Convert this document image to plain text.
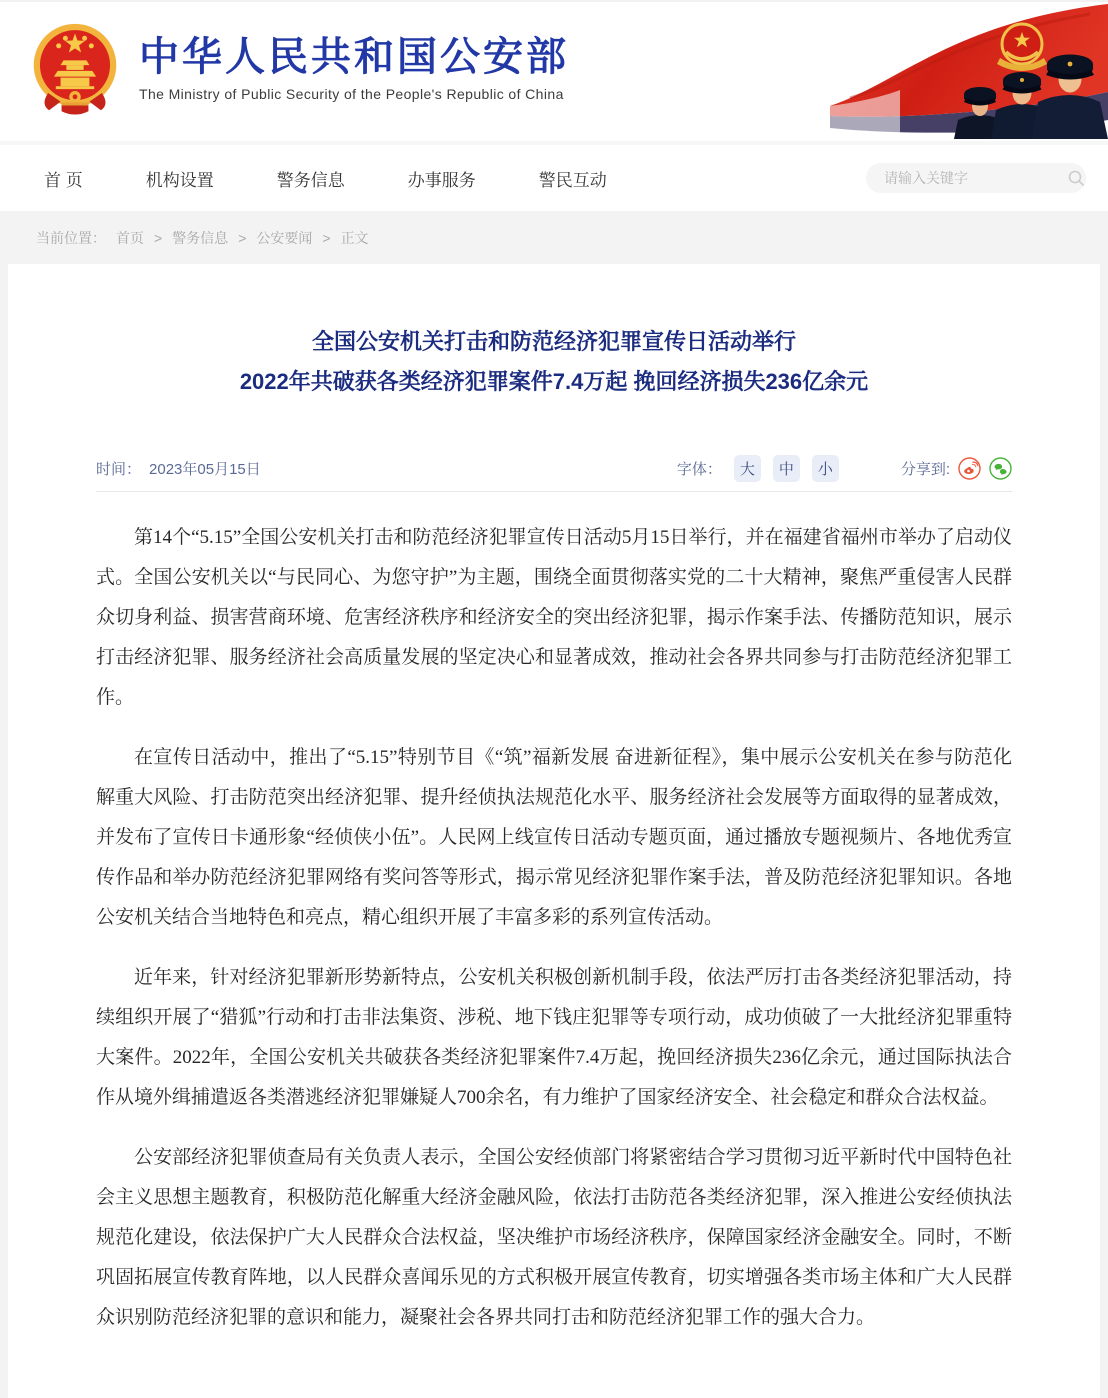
中华人民共和国公安部
The Ministry of Public Security of the People's Republic of China
首 页	机构设置	警务信息	办事服务	警民互动
请输入关键字
当前位置： 首页 > 警务信息 > 公安要闻 > 正文
全国公安机关打击和防范经济犯罪宣传日活动举行
2022年共破获各类经济犯罪案件7.4万起 挽回经济损失236亿余元
时间： 2023年05月15日	字体：	大	中	小	分享到:

第14个“5.15”全国公安机关打击和防范经济犯罪宣传日活动5月15日举行，并在福建省福州市举办了启动仪式。全国公安机关以“与民同心、为您守护”为主题，围绕全面贯彻落实党的二十大精神，聚焦严重侵害人民群众切身利益、损害营商环境、危害经济秩序和经济安全的突出经济犯罪，揭示作案手法、传播防范知识，展示打击经济犯罪、服务经济社会高质量发展的坚定决心和显著成效，推动社会各界共同参与打击防范经济犯罪工作。

在宣传日活动中，推出了“5.15”特别节目《“筑”福新发展 奋进新征程》，集中展示公安机关在参与防范化解重大风险、打击防范突出经济犯罪、提升经侦执法规范化水平、服务经济社会发展等方面取得的显著成效，并发布了宣传日卡通形象“经侦侠小伍”。人民网上线宣传日活动专题页面，通过播放专题视频片、各地优秀宣传作品和举办防范经济犯罪网络有奖问答等形式，揭示常见经济犯罪作案手法，普及防范经济犯罪知识。各地公安机关结合当地特色和亮点，精心组织开展了丰富多彩的系列宣传活动。

近年来，针对经济犯罪新形势新特点，公安机关积极创新机制手段，依法严厉打击各类经济犯罪活动，持续组织开展了“猎狐”行动和打击非法集资、涉税、地下钱庄犯罪等专项行动，成功侦破了一大批经济犯罪重特大案件。2022年，全国公安机关共破获各类经济犯罪案件7.4万起，挽回经济损失236亿余元，通过国际执法合作从境外缉捕遣返各类潜逃经济犯罪嫌疑人700余名，有力维护了国家经济安全、社会稳定和群众合法权益。

公安部经济犯罪侦查局有关负责人表示，全国公安经侦部门将紧密结合学习贯彻习近平新时代中国特色社会主义思想主题教育，积极防范化解重大经济金融风险，依法打击防范各类经济犯罪，深入推进公安经侦执法规范化建设，依法保护广大人民群众合法权益，坚决维护市场经济秩序，保障国家经济金融安全。同时，不断巩固拓展宣传教育阵地，以人民群众喜闻乐见的方式积极开展宣传教育，切实增强各类市场主体和广大人民群众识别防范经济犯罪的意识和能力，凝聚社会各界共同打击和防范经济犯罪工作的强大合力。
